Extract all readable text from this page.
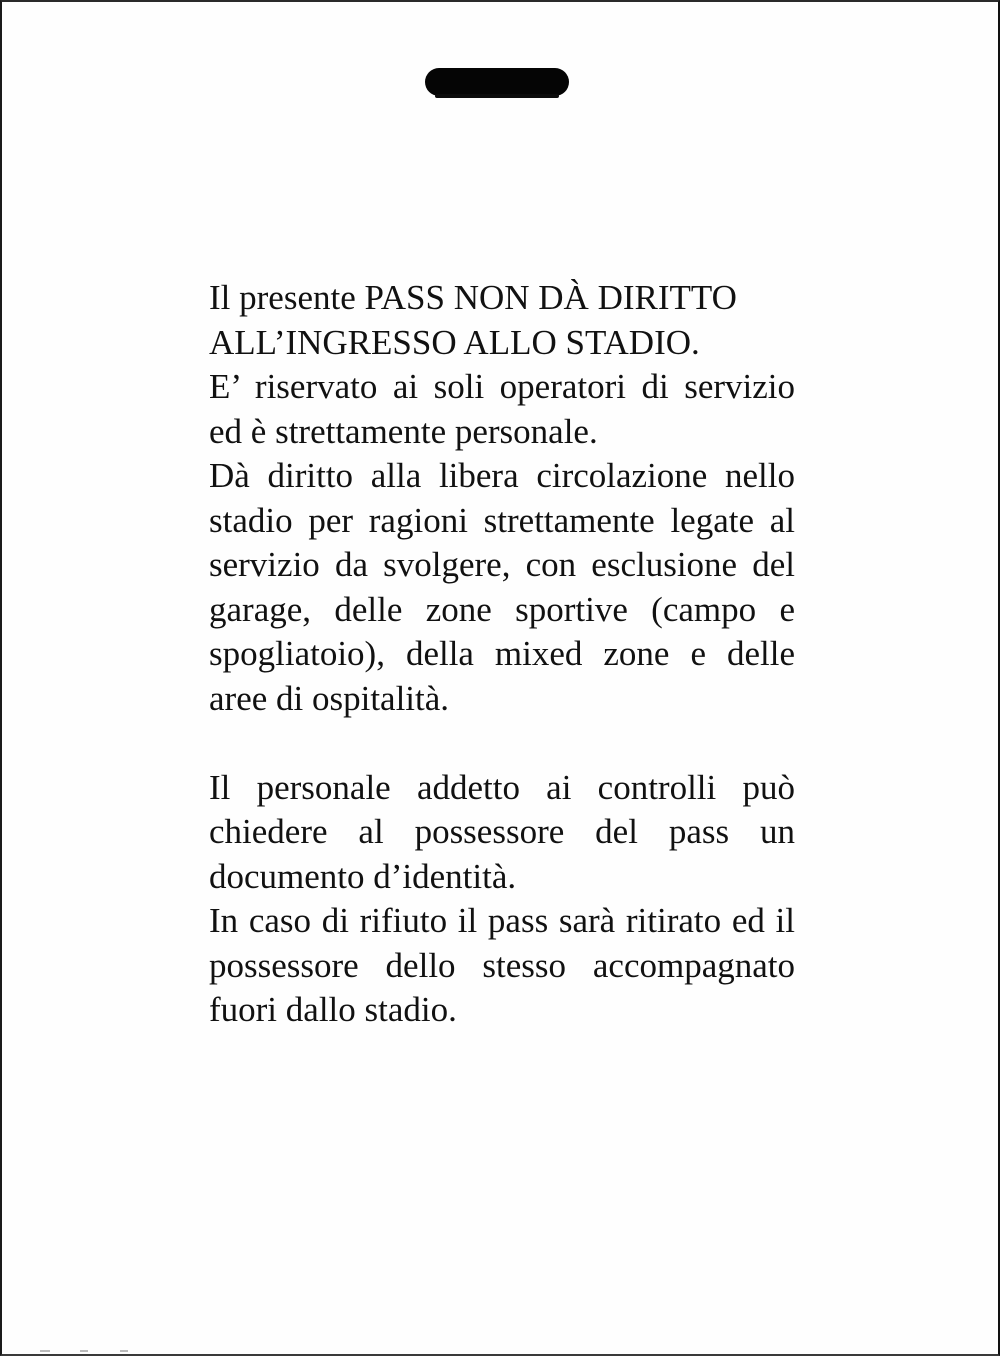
Il presente PASS NON DÀ DIRITTO

ALL’INGRESSO ALLO STADIO.

E’ riservato ai soli operatori di servizio ed è strettamente personale.

Dà diritto alla libera circolazione nello stadio per ragioni strettamente legate al servizio da svolgere, con esclusione del garage, delle zone sportive (campo e spogliatoio), della mixed zone e delle aree di ospitalità.

Il personale addetto ai controlli può chiedere al possessore del pass un documento d’identità.

In caso di rifiuto il pass sarà ritirato ed il possessore dello stesso accompagnato fuori dallo stadio.
